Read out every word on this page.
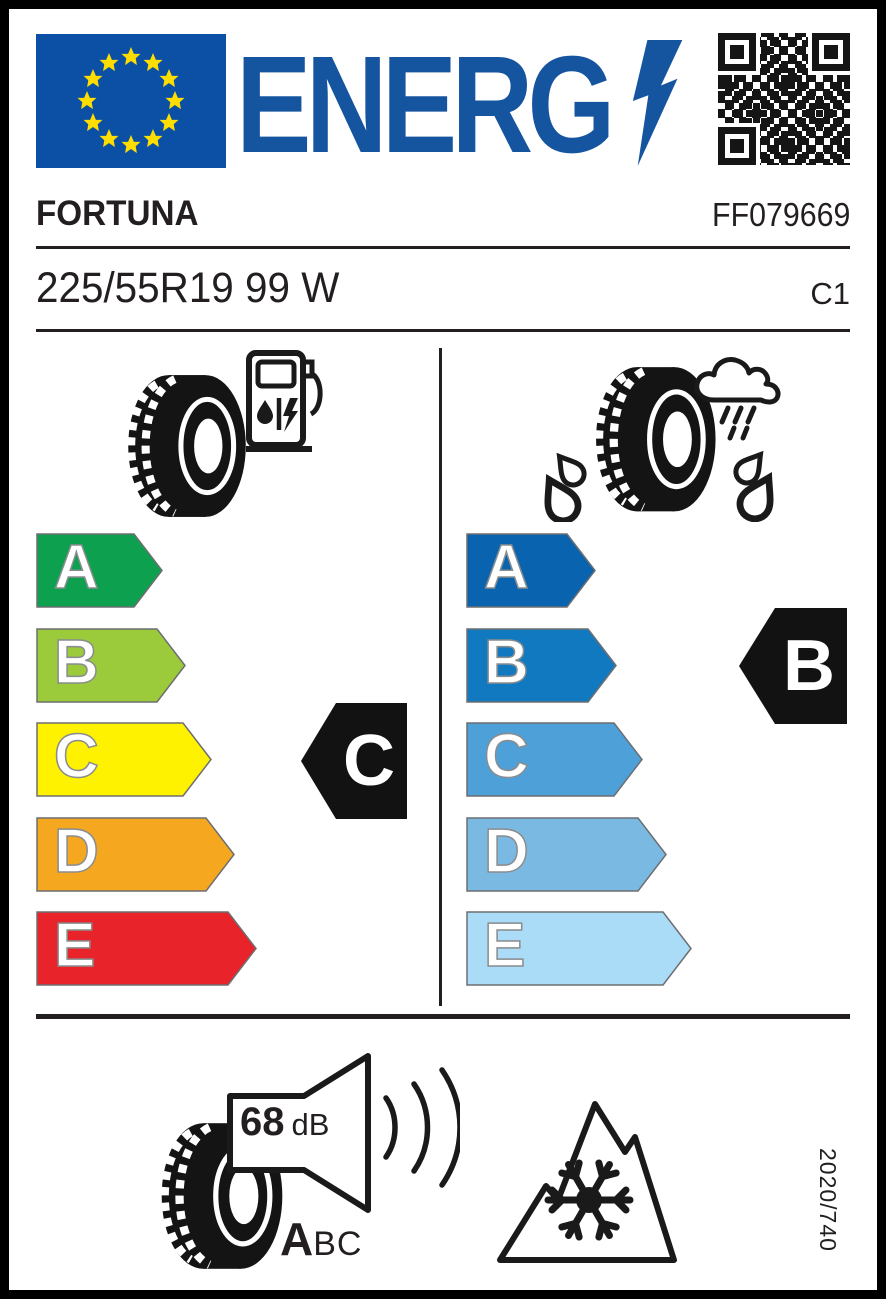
ENERG
FORTUNA	FF079669
225/55R19 99 W	C1
A
B
C
D
E
C
A
B
C
D
E
B
68 dB
A BC	2020/740
